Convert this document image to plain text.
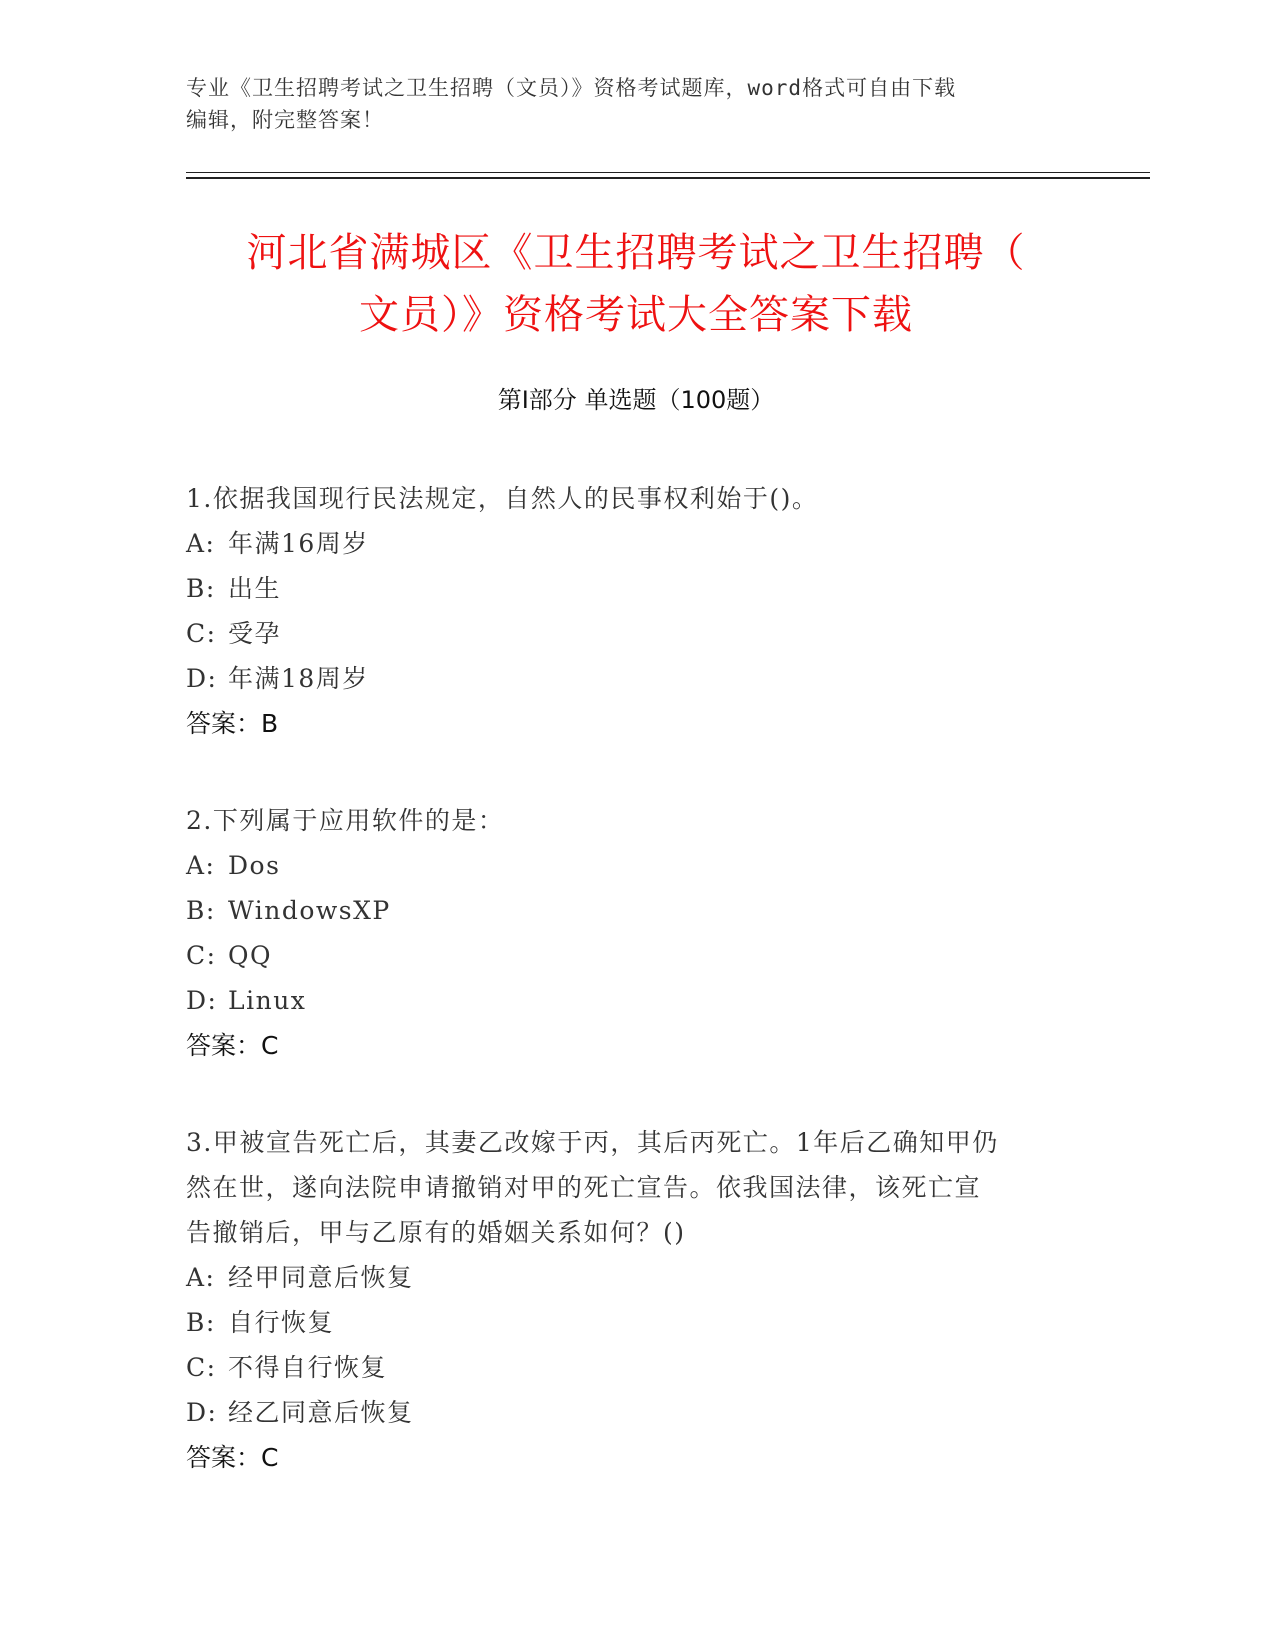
专业《卫生招聘考试之卫生招聘（文员）》资格考试题库，word格式可自由下载
编辑，附完整答案！
河北省满城区《卫生招聘考试之卫生招聘（
文员）》资格考试大全答案下载
第Ⅰ部分 单选题（100题）

1.依据我国现行民法规定，自然人的民事权利始于()。

A: 年满16周岁

B: 出生

C: 受孕

D: 年满18周岁

答案：B

2.下列属于应用软件的是：

A: Dos

B: WindowsXP

C: QQ

D: Linux

答案：C

3.甲被宣告死亡后，其妻乙改嫁于丙，其后丙死亡。1年后乙确知甲仍

然在世，遂向法院申请撤销对甲的死亡宣告。依我国法律，该死亡宣

告撤销后，甲与乙原有的婚姻关系如何？()

A: 经甲同意后恢复

B: 自行恢复

C: 不得自行恢复

D: 经乙同意后恢复

答案：C
